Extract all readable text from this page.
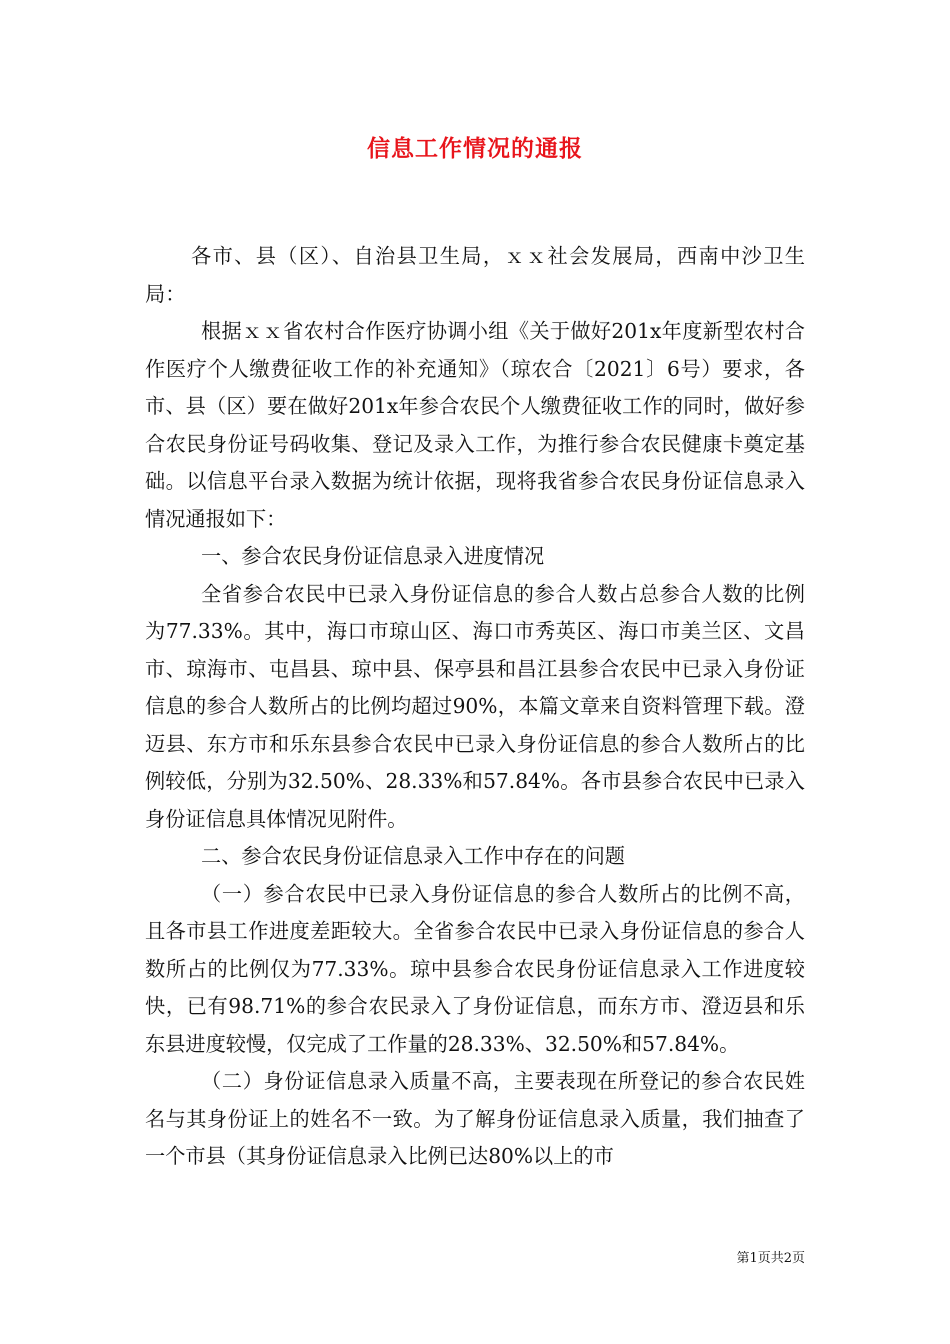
信息工作情况的通报

各市、县（区）、自治县卫生局，ｘｘ社会发展局，西南中沙卫生局：

根据ｘｘ省农村合作医疗协调小组《关于做好201x年度新型农村合作医疗个人缴费征收工作的补充通知》（琼农合〔2021〕6号）要求，各市、县（区）要在做好201x年参合农民个人缴费征收工作的同时，做好参合农民身份证号码收集、登记及录入工作，为推行参合农民健康卡奠定基础。以信息平台录入数据为统计依据，现将我省参合农民身份证信息录入情况通报如下：

一、参合农民身份证信息录入进度情况

全省参合农民中已录入身份证信息的参合人数占总参合人数的比例为77.33%。其中，海口市琼山区、海口市秀英区、海口市美兰区、文昌市、琼海市、屯昌县、琼中县、保亭县和昌江县参合农民中已录入身份证信息的参合人数所占的比例均超过90%，本篇文章来自资料管理下载。澄迈县、东方市和乐东县参合农民中已录入身份证信息的参合人数所占的比例较低，分别为32.50%、28.33%和57.84%。各市县参合农民中已录入身份证信息具体情况见附件。

二、参合农民身份证信息录入工作中存在的问题

（一）参合农民中已录入身份证信息的参合人数所占的比例不高，且各市县工作进度差距较大。全省参合农民中已录入身份证信息的参合人数所占的比例仅为77.33%。琼中县参合农民身份证信息录入工作进度较快，已有98.71%的参合农民录入了身份证信息，而东方市、澄迈县和乐东县进度较慢，仅完成了工作量的28.33%、32.50%和57.84%。

（二）身份证信息录入质量不高，主要表现在所登记的参合农民姓名与其身份证上的姓名不一致。为了解身份证信息录入质量，我们抽查了一个市县（其身份证信息录入比例已达80%以上的市

第1页共2页
